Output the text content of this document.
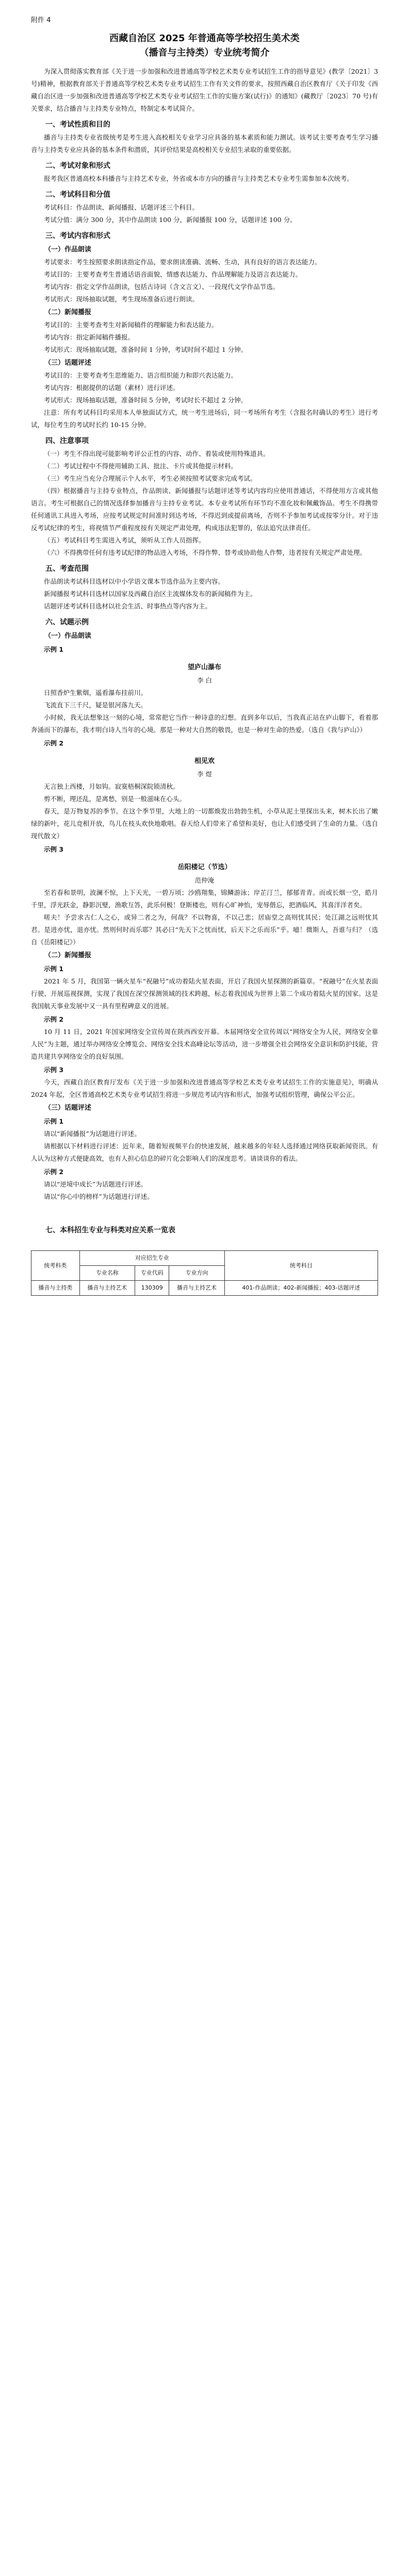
附件 4
西藏自治区 2025 年普通高等学校招生美术类
（播音与主持类）专业统考简介

为深入贯彻落实教育部《关于进一步加强和改进普通高等学校艺术类专业考试招生工作的指导意见》(教学〔2021〕3 号)精神，根据教育部关于普通高等学校艺术类专业考试招生工作有关文件的要求，按照西藏自治区教育厅《关于印发《西藏自治区进一步加强和改进普通高等学校艺术类专业考试招生工作的实施方案(试行)》的通知》(藏教厅〔2023〕70 号)有关要求，结合播音与主持类专业特点，特制定本考试简介。

一、考试性质和目的

播音与主持类专业省级统考是考生进入高校相关专业学习应具备的基本素质和能力测试。该考试主要考查考生学习播音与主持类专业应具备的基本条件和潜质，其评价结果是高校相关专业招生录取的重要依据。

二、考试对象和形式

报考我区普通高校本科播音与主持艺术专业，外省或本市方向的播音与主持类艺术专业考生需参加本次统考。

二、考试科目和分值

考试科目：作品朗读、新闻播报、话题评述三个科目。

考试分值：满分 300 分，其中作品朗读 100 分，新闻播报 100 分，话题评述 100 分。

三、考试内容和形式
（一）作品朗读

考试要求：考生按照要求朗读指定作品，要求朗读准确、流畅、生动，具有良好的语言表达能力。

考试目的：主要考查考生普通话语音面貌、情感表达能力、作品理解能力及语言表达能力。

考试内容：指定文学作品朗读，包括古诗词（含文言文）、一段现代文学作品节选。

考试形式：现场抽取试题，考生现场准备后进行朗读。

（二）新闻播报

考试目的：主要考查考生对新闻稿件的理解能力和表达能力。

考试内容：指定新闻稿件播报。

考试形式：现场抽取试题，准备时间 1 分钟，考试时间不超过 1 分钟。

（三）话题评述

考试目的：主要考查考生思维能力、语言组织能力和即兴表达能力。

考试内容：根据提供的话题（素材）进行评述。

考试形式：现场抽取话题，准备时间 5 分钟，考试时长不超过 2 分钟。

注意：所有考试科目均采用本人单独面试方式，统一考生进场后，同一考场所有考生（含报名时确认的考生）进行考试，每位考生的考试时长约 10-15 分钟。

四、注意事项

（一）考生不得出现可能影响考评公正性的内容、动作、着装或使用特殊道具。

（二）考试过程中不得使用辅助工具、批注、卡片或其他提示材料。

（三）考生应当充分合理展示个人水平，考生必须按照考试要求完成考试。

（四）根据播音与主持专业特点，作品朗读、新闻播报与话题评述等考试内容均应使用普通话，不得使用方言或其他语言。考生可根据自己的情况选择参加播音与主持专业考试。本专业考试所有环节均不准化妆和佩戴饰品。考生不得携带任何通讯工具进入考场，应按考试规定时间准时到达考场，不得迟到或提前离场，否则不予参加考试或按零分计。对于违反考试纪律的考生，将视情节严重程度按有关规定严肃处理，构成违法犯罪的，依法追究法律责任。

（五）考试科目考生需进入考试，须听从工作人员指挥。

（六）不得携带任何有违考试纪律的物品进入考场，不得作弊、替考或协助他人作弊，违者按有关规定严肃处理。

五、考查范围

作品朗读考试科目选材以中小学语文课本节选作品为主要内容。

新闻播报考试科目选材以国家及西藏自治区主流媒体发布的新闻稿件为主。

话题评述考试科目选材以社会生活、时事热点等内容为主。

六、试题示例
（一）作品朗读
示例 1
望庐山瀑布
李 白
日照香炉生紫烟，遥看瀑布挂前川。
飞流直下三千尺，疑是银河落九天。

小时候，我无法想象这一刻的心境，常常把它当作一种诗意的幻想。直到多年以后，当我真正站在庐山脚下，看着那奔涌而下的瀑布，我才明白诗人当年的心境。那是一种对大自然的敬畏，也是一种对生命的热爱。（选自《我与庐山》）

示例 2
相见欢
李 煜
无言独上西楼，月如钩。寂寞梧桐深院锁清秋。
剪不断，理还乱，是离愁，别是一般滋味在心头。

春天，是万物复苏的季节。在这个季节里，大地上的一切都焕发出勃勃生机，小草从泥土里探出头来，树木长出了嫩绿的新叶，花儿竞相开放，鸟儿在枝头欢快地歌唱。春天给人们带来了希望和美好，也让人们感受到了生命的力量。（选自现代散文）

示例 3
岳阳楼记（节选）
范仲淹

至若春和景明，波澜不惊，上下天光，一碧万顷；沙鸥翔集，锦鳞游泳；岸芷汀兰，郁郁青青。而或长烟一空，皓月千里，浮光跃金，静影沉璧，渔歌互答，此乐何极！登斯楼也，则有心旷神怡，宠辱偕忘，把酒临风，其喜洋洋者矣。

嗟夫！予尝求古仁人之心，或异二者之为，何哉？不以物喜，不以己悲；居庙堂之高则忧其民；处江湖之远则忧其君。是进亦忧，退亦忧。然则何时而乐耶？其必曰“先天下之忧而忧，后天下之乐而乐”乎。噫！微斯人，吾谁与归？（选自《岳阳楼记》）

（二）新闻播报
示例 1

2021 年 5 月，我国第一辆火星车“祝融号”成功着陆火星表面，开启了我国火星探测的新篇章。“祝融号”在火星表面行驶、开展巡视探测，实现了我国在深空探测领域的技术跨越，标志着我国成为世界上第二个成功着陆火星的国家。这是我国航天事业发展中又一具有里程碑意义的进展。

示例 2

10 月 11 日，2021 年国家网络安全宣传周在陕西西安开幕。本届网络安全宣传周以“网络安全为人民，网络安全靠人民”为主题，通过举办网络安全博览会、网络安全技术高峰论坛等活动，进一步增强全社会网络安全意识和防护技能，营造共建共享网络安全的良好氛围。

示例 3

今天，西藏自治区教育厅发布《关于进一步加强和改进普通高等学校艺术类专业考试招生工作的实施意见》，明确从 2024 年起，全区普通高校艺术类专业考试招生将进一步规范考试内容和形式，加强考试组织管理，确保公平公正。

（三）话题评述
示例 1

请以“新闻播报”为话题进行评述。

请根据以下材料进行评述：近年来，随着短视频平台的快速发展，越来越多的年轻人选择通过网络获取新闻资讯。有人认为这种方式便捷高效，也有人担心信息的碎片化会影响人们的深度思考。请谈谈你的看法。

示例 2

请以“逆境中成长”为话题进行评述。

请以“你心中的榜样”为话题进行评述。

七、本科招生专业与科类对应关系一览表
统考科类	对应招生专业			统考科目
	专业名称	专业代码	专业方向	
播音与主持类	播音与主持艺术	130309	播音与主持艺术	401-作品朗读；402-新闻播报；403-话题评述
